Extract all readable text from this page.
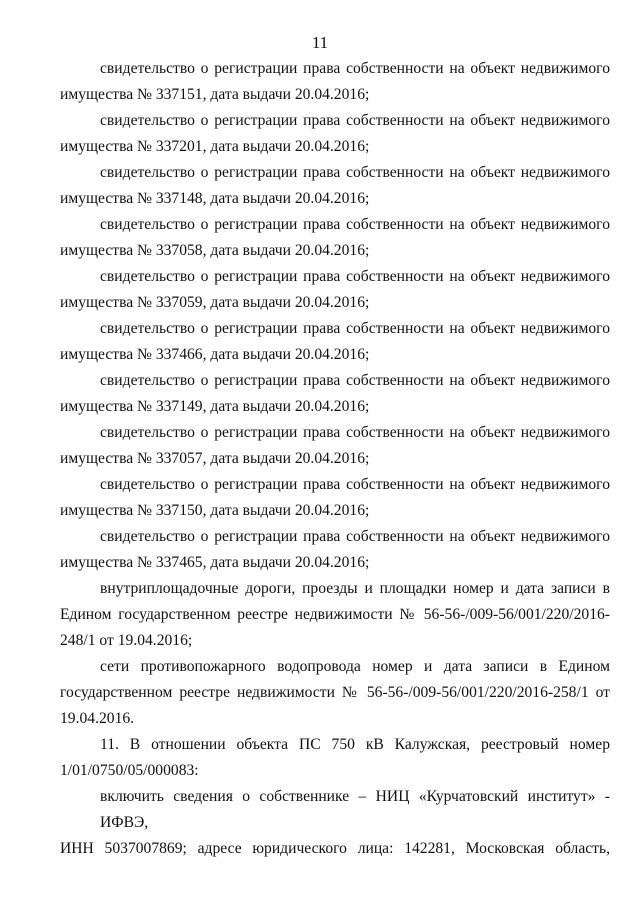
11

свидетельство о регистрации права собственности на объект недвижимого
имущества № 337151, дата выдачи 20.04.2016;

свидетельство о регистрации права собственности на объект недвижимого
имущества № 337201, дата выдачи 20.04.2016;

свидетельство о регистрации права собственности на объект недвижимого
имущества № 337148, дата выдачи 20.04.2016;

свидетельство о регистрации права собственности на объект недвижимого
имущества № 337058, дата выдачи 20.04.2016;

свидетельство о регистрации права собственности на объект недвижимого
имущества № 337059, дата выдачи 20.04.2016;

свидетельство о регистрации права собственности на объект недвижимого
имущества № 337466, дата выдачи 20.04.2016;

свидетельство о регистрации права собственности на объект недвижимого
имущества № 337149, дата выдачи 20.04.2016;

свидетельство о регистрации права собственности на объект недвижимого
имущества № 337057, дата выдачи 20.04.2016;

свидетельство о регистрации права собственности на объект недвижимого
имущества № 337150, дата выдачи 20.04.2016;

свидетельство о регистрации права собственности на объект недвижимого
имущества № 337465, дата выдачи 20.04.2016;

внутриплощадочные дороги, проезды и площадки номер и дата записи в
Едином государственном реестре недвижимости № 56-56-/009-56/001/220/2016-
248/1 от 19.04.2016;

сети противопожарного водопровода номер и дата записи в Едином
государственном реестре недвижимости № 56-56-/009-56/001/220/2016-258/1 от
19.04.2016.

11. В отношении объекта ПС 750 кВ Калужская, реестровый номер
1/01/0750/05/000083:

включить сведения о собственнике – НИЦ «Курчатовский институт» - ИФВЭ,
ИНН 5037007869; адресе юридического лица: 142281, Московская область,
